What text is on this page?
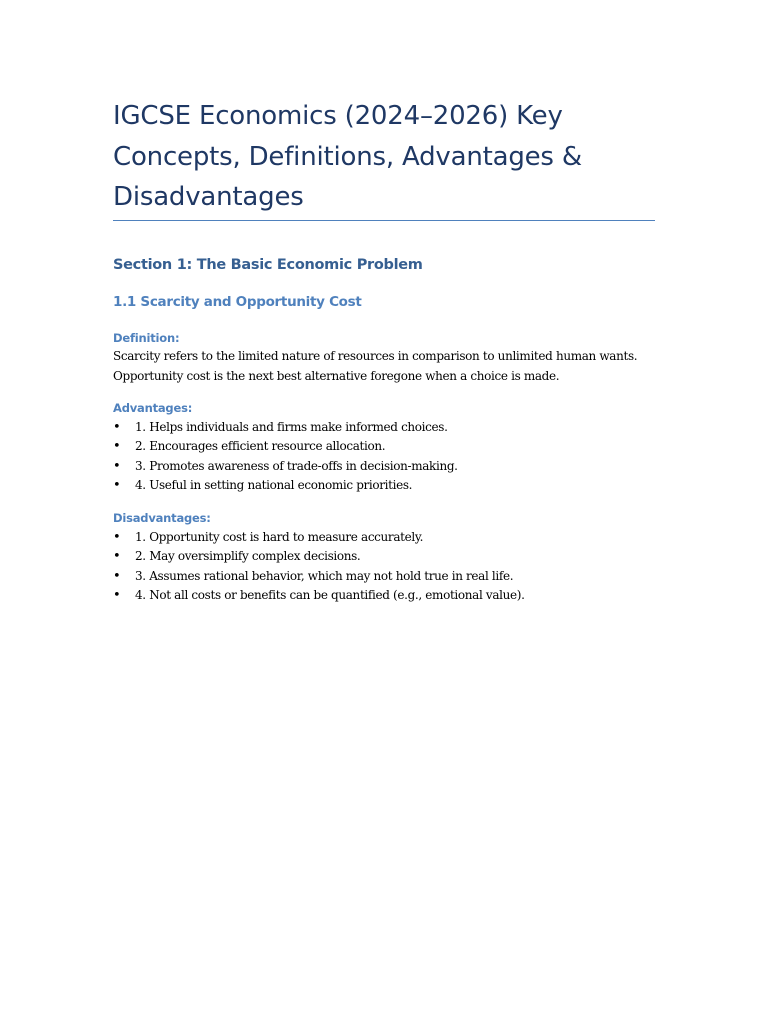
IGCSE Economics (2024–2026) Key Concepts, Definitions, Advantages & Disadvantages
Section 1: The Basic Economic Problem
1.1 Scarcity and Opportunity Cost
Definition:

Scarcity refers to the limited nature of resources in comparison to unlimited human wants. Opportunity cost is the next best alternative foregone when a choice is made.

Advantages:
• 1. Helps individuals and firms make informed choices.
• 2. Encourages efficient resource allocation.
• 3. Promotes awareness of trade-offs in decision-making.
• 4. Useful in setting national economic priorities.
Disadvantages:
• 1. Opportunity cost is hard to measure accurately.
• 2. May oversimplify complex decisions.
• 3. Assumes rational behavior, which may not hold true in real life.
• 4. Not all costs or benefits can be quantified (e.g., emotional value).
